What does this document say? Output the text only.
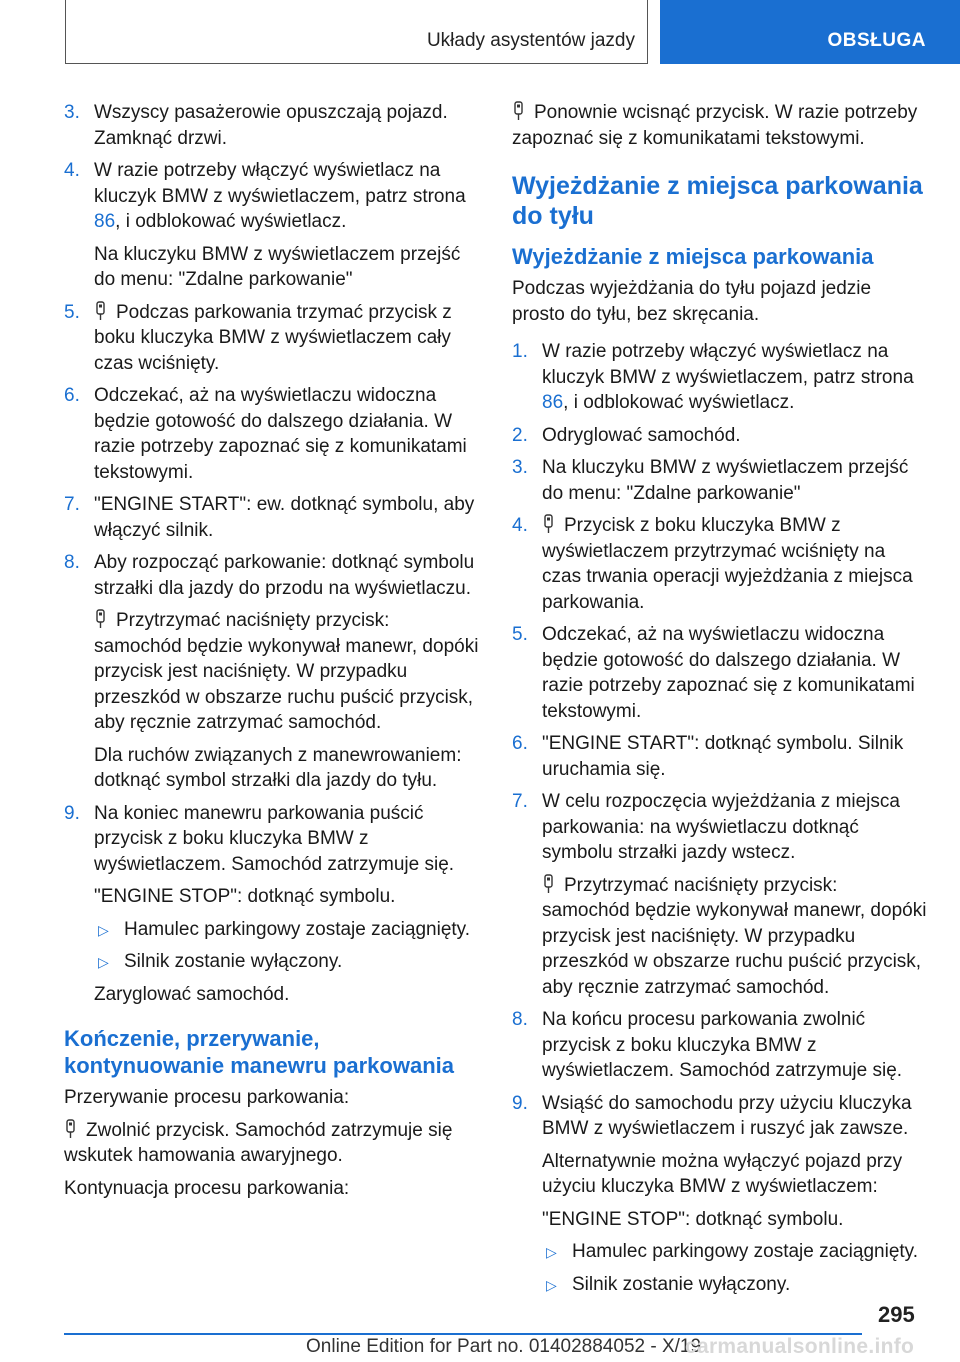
Układy asystentów jazdy	OBSŁUGA
3. Wszyscy pasażerowie opuszczają pojazd. Zamknąć drzwi.
4. W razie potrzeby włączyć wyświetlacz na kluczyk BMW z wyświetlaczem, patrz strona 86, i odblokować wyświetlacz.
Na kluczyku BMW z wyświetlaczem przejść do menu: "Zdalne parkowanie"
5. Podczas parkowania trzymać przycisk z boku kluczyka BMW z wyświetlaczem cały czas wciśnięty.
6. Odczekać, aż na wyświetlaczu widoczna będzie gotowość do dalszego działania. W razie potrzeby zapoznać się z komunikatami tekstowymi.
7. "ENGINE START": ew. dotknąć symbolu, aby włączyć silnik.
8. Aby rozpocząć parkowanie: dotknąć symbolu strzałki dla jazdy do przodu na wyświetlaczu.
Przytrzymać naciśnięty przycisk: samochód będzie wykonywał manewr, dopóki przycisk jest naciśnięty. W przypadku przeszkód w obszarze ruchu puścić przycisk, aby ręcznie zatrzymać samochód.
Dla ruchów związanych z manewrowaniem: dotknąć symbol strzałki dla jazdy do tyłu.
9. Na koniec manewru parkowania puścić przycisk z boku kluczyka BMW z wyświetlaczem. Samochód zatrzymuje się.
"ENGINE STOP": dotknąć symbolu.
▷ Hamulec parkingowy zostaje zaciągnięty.
▷ Silnik zostanie wyłączony.
Zaryglować samochód.
Kończenie, przerywanie, kontynuowanie manewru parkowania
Przerywanie procesu parkowania:
Zwolnić przycisk. Samochód zatrzymuje się wskutek hamowania awaryjnego.
Kontynuacja procesu parkowania:
Ponownie wcisnąć przycisk. W razie potrzeby zapoznać się z komunikatami tekstowymi.
Wyjeżdżanie z miejsca parkowania do tyłu
Wyjeżdżanie z miejsca parkowania
Podczas wyjeżdżania do tyłu pojazd jedzie prosto do tyłu, bez skręcania.
1. W razie potrzeby włączyć wyświetlacz na kluczyk BMW z wyświetlaczem, patrz strona 86, i odblokować wyświetlacz.
2. Odryglować samochód.
3. Na kluczyku BMW z wyświetlaczem przejść do menu: "Zdalne parkowanie"
4. Przycisk z boku kluczyka BMW z wyświetlaczem przytrzymać wciśnięty na czas trwania operacji wyjeżdżania z miejsca parkowania.
5. Odczekać, aż na wyświetlaczu widoczna będzie gotowość do dalszego działania. W razie potrzeby zapoznać się z komunikatami tekstowymi.
6. "ENGINE START": dotknąć symbolu. Silnik uruchamia się.
7. W celu rozpoczęcia wyjeżdżania z miejsca parkowania: na wyświetlaczu dotknąć symbolu strzałki jazdy wstecz.
Przytrzymać naciśnięty przycisk: samochód będzie wykonywał manewr, dopóki przycisk jest naciśnięty. W przypadku przeszkód w obszarze ruchu puścić przycisk, aby ręcznie zatrzymać samochód.
8. Na końcu procesu parkowania zwolnić przycisk z boku kluczyka BMW z wyświetlaczem. Samochód zatrzymuje się.
9. Wsiąść do samochodu przy użyciu kluczyka BMW z wyświetlaczem i ruszyć jak zawsze.
Alternatywnie można wyłączyć pojazd przy użyciu kluczyka BMW z wyświetlaczem:
"ENGINE STOP": dotknąć symbolu.
▷ Hamulec parkingowy zostaje zaciągnięty.
▷ Silnik zostanie wyłączony.
295
Online Edition for Part no. 01402884052 - X/19
carmanualsonline.info
